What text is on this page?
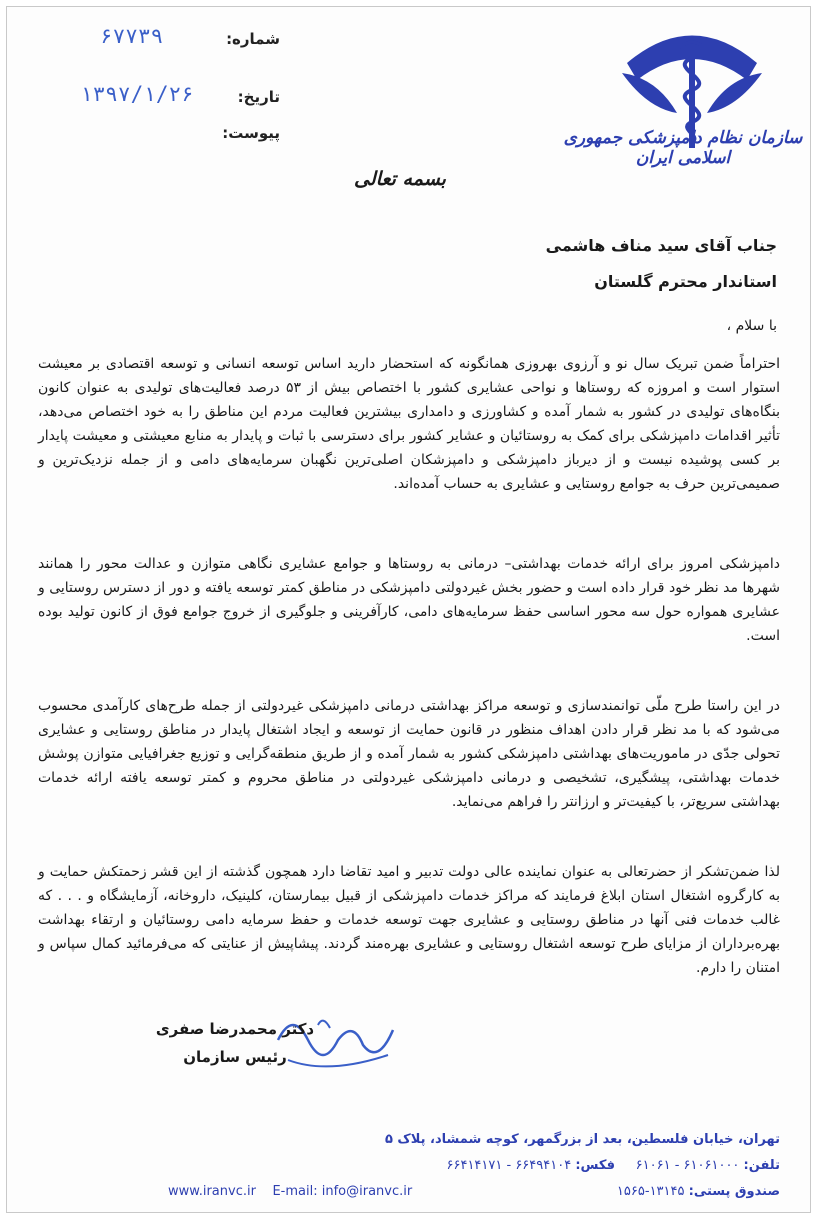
سازمان نظام دامپزشکی جمهوری اسلامی ایران
شماره:
۶۷۷۳۹
تاریخ:
۱۳۹۷/۱/۲۶
پیوست:
بسمه تعالی
جناب آقای سید مناف هاشمی
استاندار محترم گلستان
با سلام ،
احتراماً ضمن تبریک سال نو و آرزوی بهروزی همانگونه که استحضار دارید اساس توسعه انسانی و توسعه اقتصادی بر معیشت استوار است و امروزه که روستاها و نواحی عشایری کشور با اختصاص بیش از ۵۳ درصد فعالیت‌های تولیدی به عنوان کانون بنگاه‌های تولیدی در کشور به شمار آمده و کشاورزی و دامداری بیشترین فعالیت مردم این مناطق را به خود اختصاص می‌دهد، تأثیر اقدامات دامپزشکی برای کمک به روستائیان و عشایر کشور برای دسترسی با ثبات و پایدار به منابع معیشتی و معیشت پایدار بر کسی پوشیده نیست و از دیرباز دامپزشکی و دامپزشکان اصلی‌ترین نگهبان سرمایه‌های دامی و از جمله نزدیک‌ترین و صمیمی‌ترین حرف به جوامع روستایی و عشایری به حساب آمده‌اند.
دامپزشکی امروز برای ارائه خدمات بهداشتی– درمانی به روستاها و جوامع عشایری نگاهی متوازن و عدالت محور را همانند شهرها مد نظر خود قرار داده است و حضور بخش غیردولتی دامپزشکی در مناطق کمتر توسعه یافته و دور از دسترس روستایی و عشایری همواره حول سه محور اساسی حفظ سرمایه‌های دامی، کارآفرینی و جلوگیری از خروج جوامع فوق از کانون تولید بوده است.
در این راستا طرح ملّی توانمندسازی و توسعه مراکز بهداشتی درمانی دامپزشکی غیردولتی از جمله طرح‌های کارآمدی محسوب می‌شود که با مد نظر قرار دادن اهداف منظور در قانون حمایت از توسعه و ایجاد اشتغال پایدار در مناطق روستایی و عشایری تحولی جدّی در ماموریت‌های بهداشتی دامپزشکی کشور به شمار آمده و از طریق منطقه‌گرایی و توزیع جغرافیایی متوازن پوشش خدمات بهداشتی، پیشگیری، تشخیصی و درمانی دامپزشکی غیردولتی در مناطق محروم و کمتر توسعه یافته ارائه خدمات بهداشتی سریع‌تر، با کیفیت‌تر و ارزانتر را فراهم می‌نماید.
لذا ضمن‌تشکر از حضرتعالی به عنوان نماینده عالی دولت تدبیر و امید تقاضا دارد همچون گذشته از این قشر زحمتکش حمایت و به کارگروه اشتغال استان ابلاغ فرمایند که مراکز خدمات دامپزشکی از قبیل بیمارستان، کلینیک، داروخانه، آزمایشگاه و . . . که غالب خدمات فنی آنها در مناطق روستایی و عشایری جهت توسعه خدمات و حفظ سرمایه دامی روستائیان و ارتقاء بهداشت بهره‌برداران از مزایای طرح توسعه اشتغال روستایی و عشایری بهره‌مند گردند. پیشاپیش از عنایتی که می‌فرمائید کمال سپاس و امتنان را دارم.
دکتر محمدرضا صفری
رئیس سازمان
تهران، خیابان فلسطین، بعد از بزرگمهر، کوچه شمشاد، پلاک ۵
تلفن: ۶۱۰۶۱۰۰۰ - ۶۱۰۶۱     فکس: ۶۶۴۹۴۱۰۴ - ۶۶۴۱۴۱۷۱
صندوق پستی: ۱۳۱۴۵-۱۵۶۵
www.iranvc.ir E-mail: info@iranvc.ir
